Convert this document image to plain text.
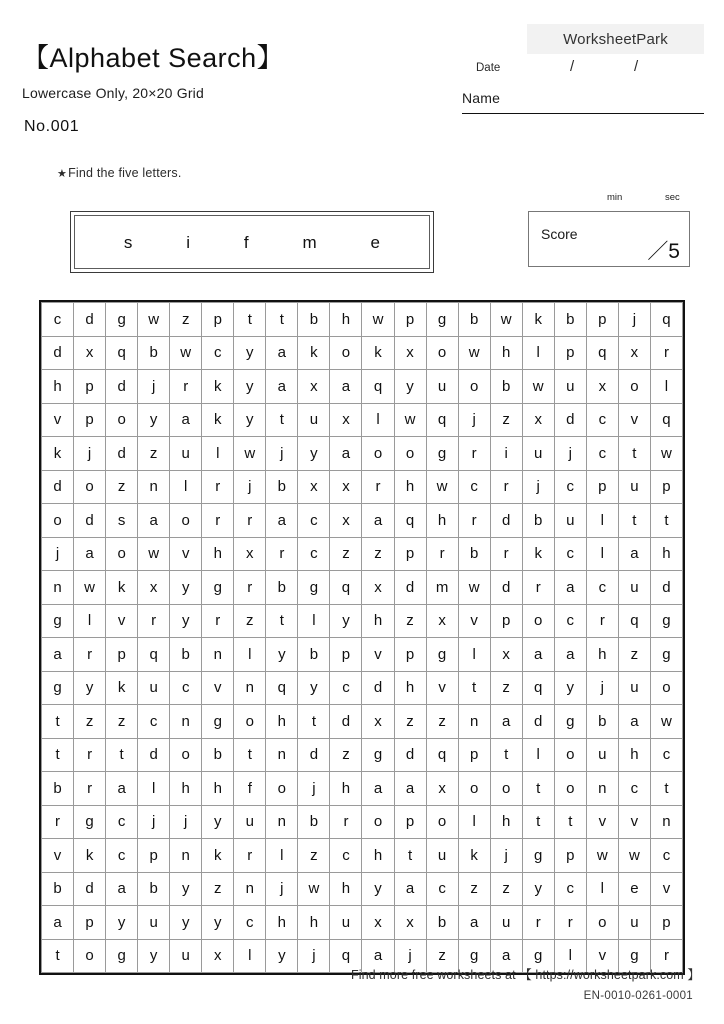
【Alphabet Search】
Lowercase Only, 20×20 Grid
No.001
WorksheetPark
Date	/	/
Name
★Find the five letters.
s	i	f	m	e
min	sec
Score
／5
c	d	g	w	z	p	t	t	b	h	w	p	g	b	w	k	b	p	j	q
d	x	q	b	w	c	y	a	k	o	k	x	o	w	h	l	p	q	x	r
h	p	d	j	r	k	y	a	x	a	q	y	u	o	b	w	u	x	o	l
v	p	o	y	a	k	y	t	u	x	l	w	q	j	z	x	d	c	v	q
k	j	d	z	u	l	w	j	y	a	o	o	g	r	i	u	j	c	t	w
d	o	z	n	l	r	j	b	x	x	r	h	w	c	r	j	c	p	u	p
o	d	s	a	o	r	r	a	c	x	a	q	h	r	d	b	u	l	t	t
j	a	o	w	v	h	x	r	c	z	z	p	r	b	r	k	c	l	a	h
n	w	k	x	y	g	r	b	g	q	x	d	m	w	d	r	a	c	u	d
g	l	v	r	y	r	z	t	l	y	h	z	x	v	p	o	c	r	q	g
a	r	p	q	b	n	l	y	b	p	v	p	g	l	x	a	a	h	z	g
g	y	k	u	c	v	n	q	y	c	d	h	v	t	z	q	y	j	u	o
t	z	z	c	n	g	o	h	t	d	x	z	z	n	a	d	g	b	a	w
t	r	t	d	o	b	t	n	d	z	g	d	q	p	t	l	o	u	h	c
b	r	a	l	h	h	f	o	j	h	a	a	x	o	o	t	o	n	c	t
r	g	c	j	j	y	u	n	b	r	o	p	o	l	h	t	t	v	v	n
v	k	c	p	n	k	r	l	z	c	h	t	u	k	j	g	p	w	w	c
b	d	a	b	y	z	n	j	w	h	y	a	c	z	z	y	c	l	e	v
a	p	y	u	y	y	c	h	h	u	x	x	b	a	u	r	r	o	u	p
t	o	g	y	u	x	l	y	j	q	a	j	z	g	a	g	l	v	g	r
Find more free worksheets at 【 https://worksheetpark.com 】
EN-0010-0261-0001
